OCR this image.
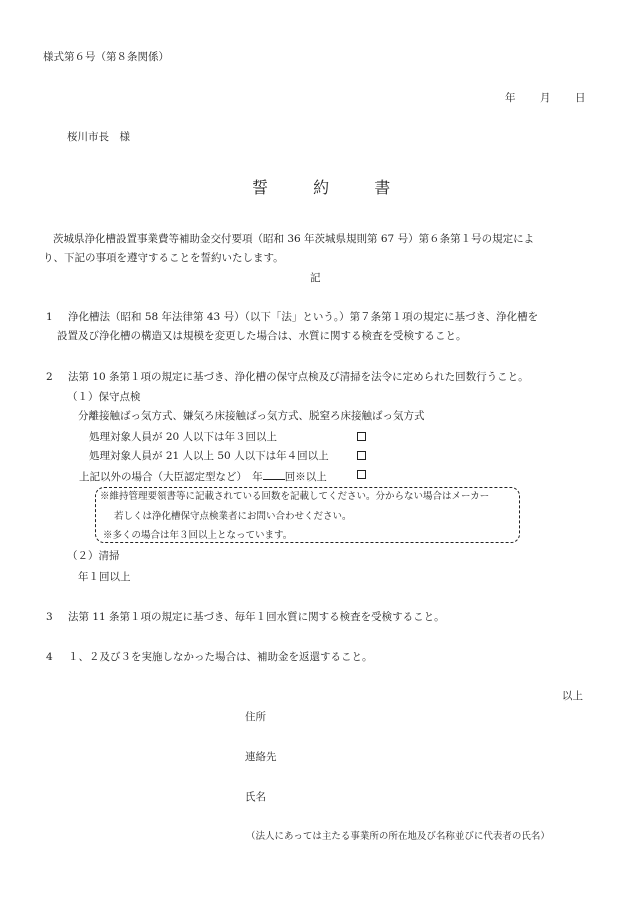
様式第６号（第８条関係）
年 月 日
桜川市長　様
誓	約	書
茨城県浄化槽設置事業費等補助金交付要項（昭和 36 年茨城県規則第 67 号）第６条第１号の規定によ
り、下記の事項を遵守することを誓約いたします。
記
1 浄化槽法（昭和 58 年法律第 43 号）（以下「法」という。）第７条第１項の規定に基づき、浄化槽を
設置及び浄化槽の構造又は規模を変更した場合は、水質に関する検査を受検すること。
2 法第 10 条第１項の規定に基づき、浄化槽の保守点検及び清掃を法令に定められた回数行うこと。
（１）保守点検
分離接触ばっ気方式、嫌気ろ床接触ばっ気方式、脱窒ろ床接触ばっ気方式
処理対象人員が 20 人以下は年３回以上
処理対象人員が 21 人以上 50 人以下は年４回以上
上記以外の場合（大臣認定型など）　年 回※以上
※維持管理要領書等に記載されている回数を記載してください。分からない場合はメーカー
若しくは浄化槽保守点検業者にお問い合わせください。
※多くの場合は年３回以上となっています。
（２）清掃
年１回以上
3 法第 11 条第１項の規定に基づき、毎年１回水質に関する検査を受検すること。
4 １、２及び３を実施しなかった場合は、補助金を返還すること。
以上
住所
連絡先
氏名
（法人にあっては主たる事業所の所在地及び名称並びに代表者の氏名）
